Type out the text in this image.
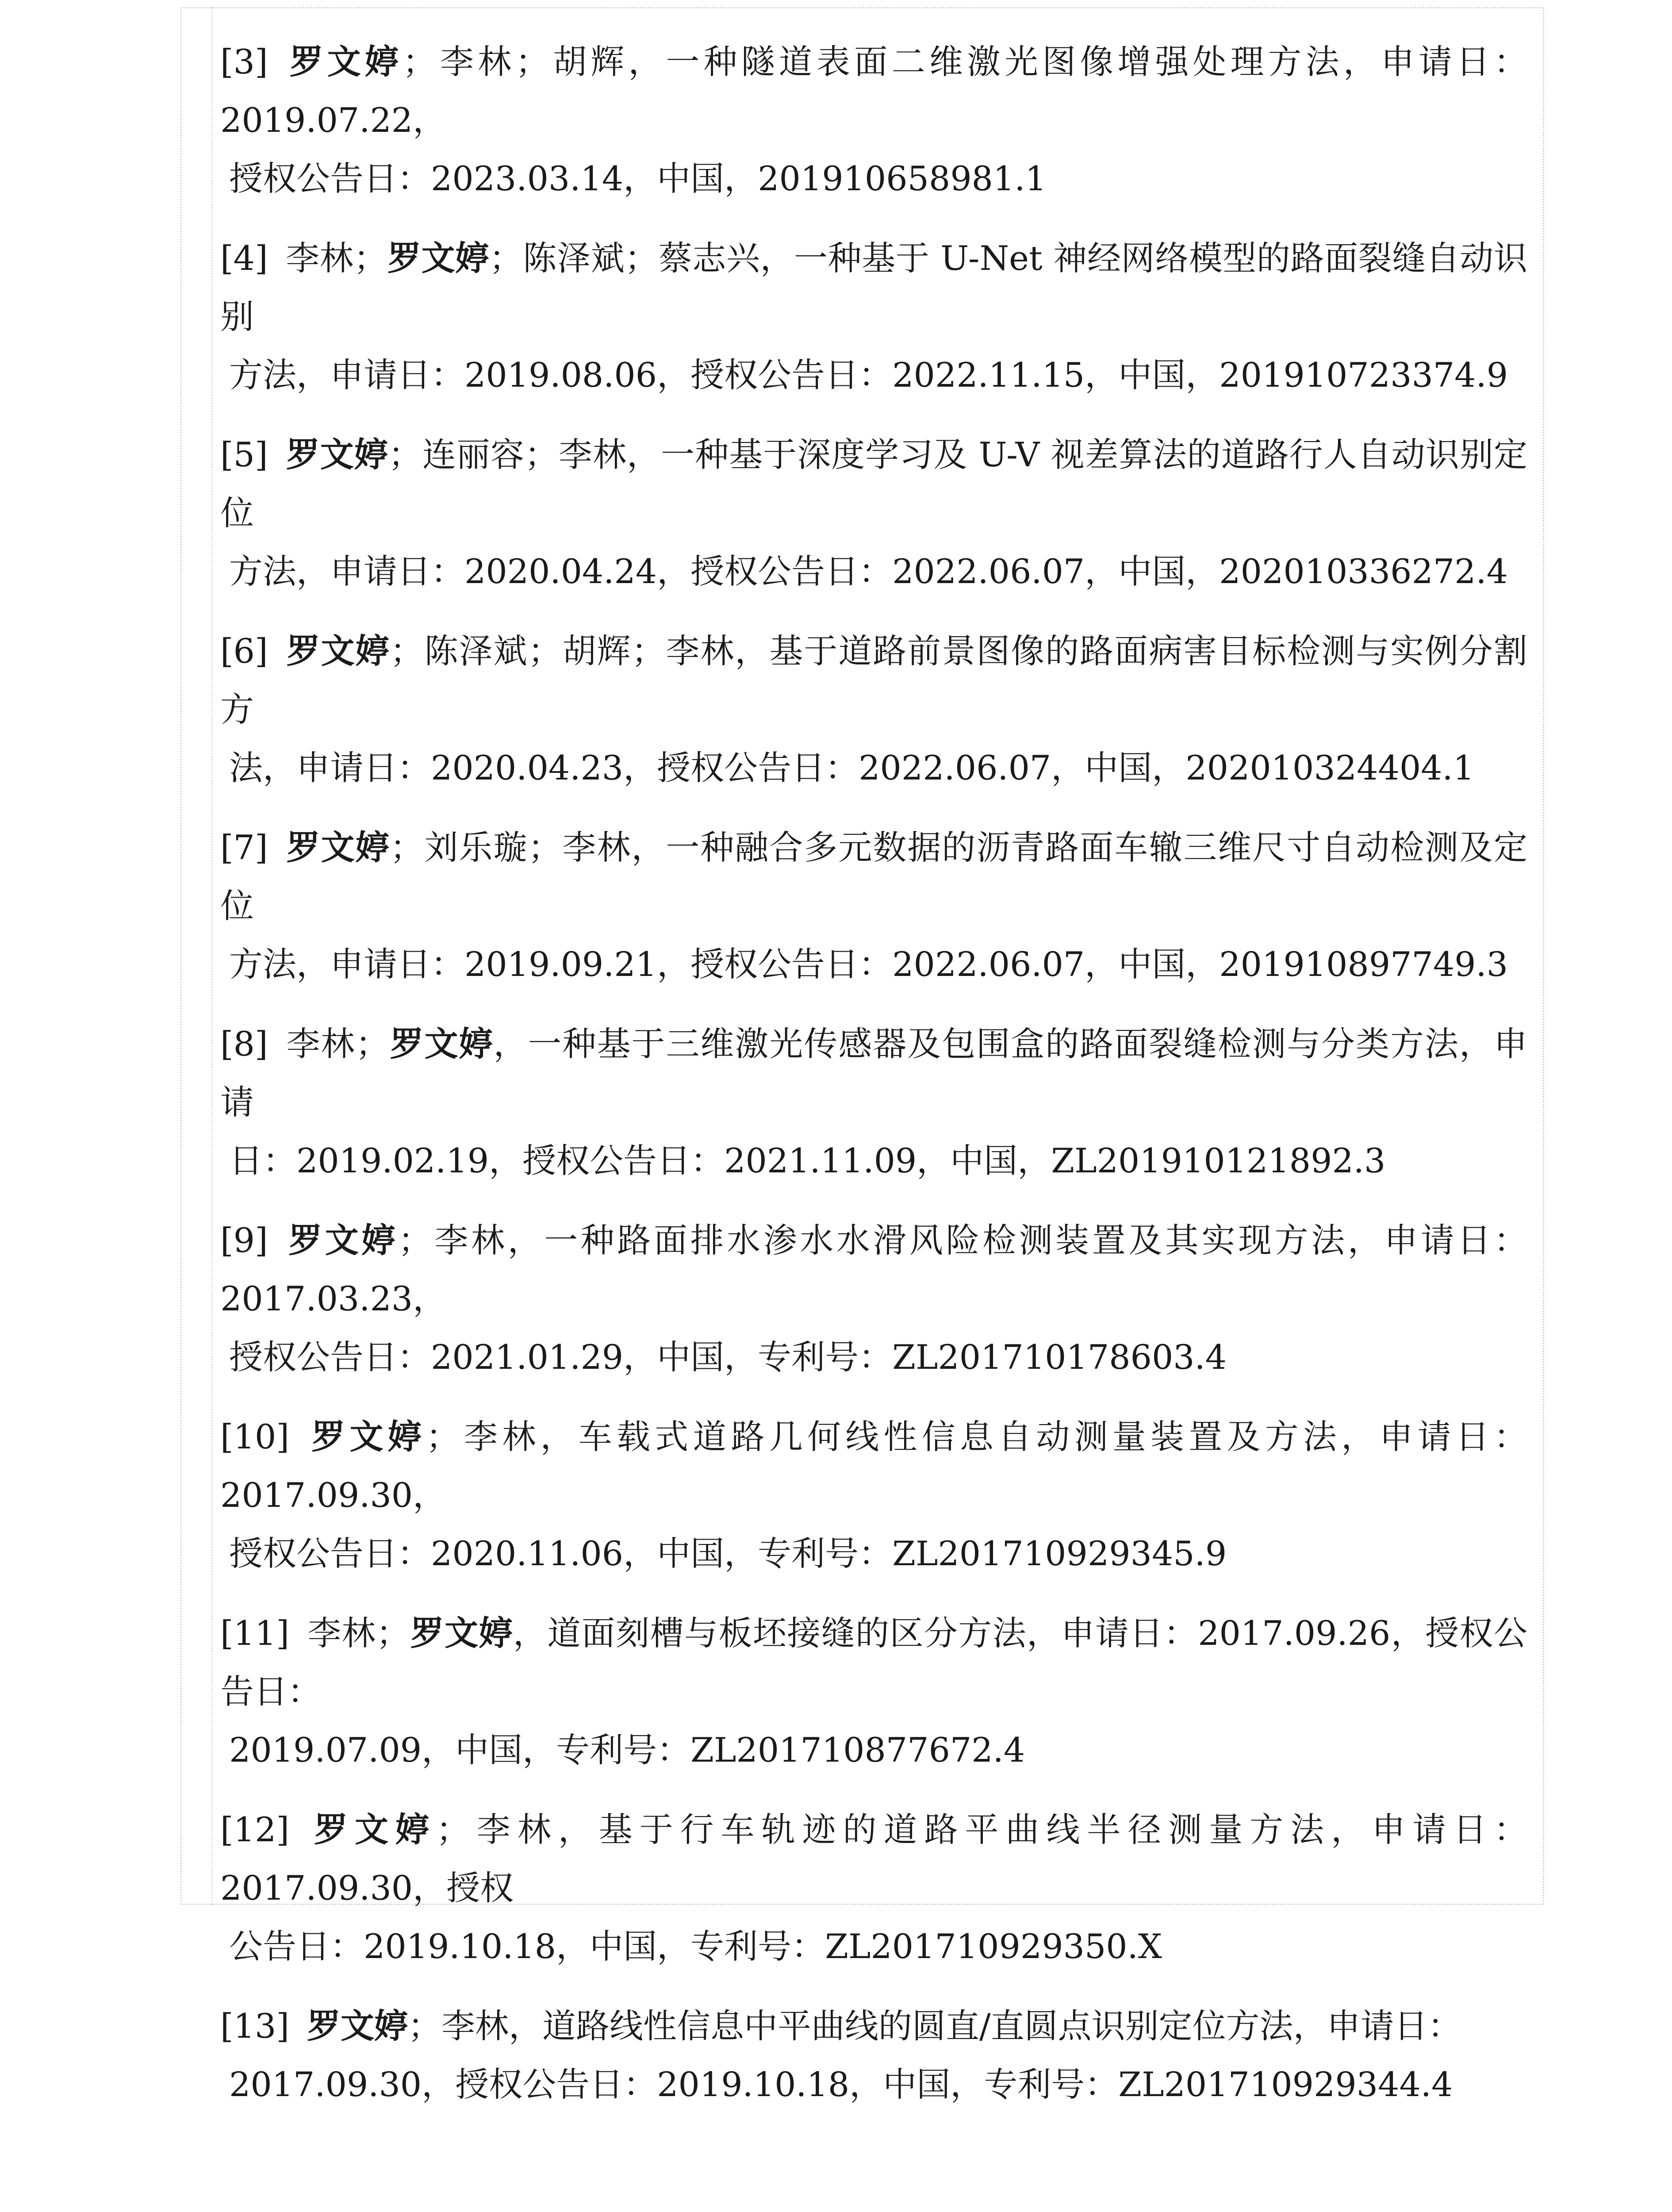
[3] 罗文婷；李林；胡辉，一种隧道表面二维激光图像增强处理方法，申请日：2019.07.22，
授权公告日：2023.03.14，中国，201910658981.1
[4] 李林；罗文婷；陈泽斌；蔡志兴，一种基于 U-Net 神经网络模型的路面裂缝自动识别
方法，申请日：2019.08.06，授权公告日：2022.11.15，中国，201910723374.9
[5] 罗文婷；连丽容；李林，一种基于深度学习及 U-V 视差算法的道路行人自动识别定位
方法，申请日：2020.04.24，授权公告日：2022.06.07，中国，202010336272.4
[6] 罗文婷；陈泽斌；胡辉；李林，基于道路前景图像的路面病害目标检测与实例分割方
法，申请日：2020.04.23，授权公告日：2022.06.07，中国，202010324404.1
[7] 罗文婷；刘乐璇；李林，一种融合多元数据的沥青路面车辙三维尺寸自动检测及定位
方法，申请日：2019.09.21，授权公告日：2022.06.07，中国，201910897749.3
[8] 李林；罗文婷，一种基于三维激光传感器及包围盒的路面裂缝检测与分类方法，申请
日：2019.02.19，授权公告日：2021.11.09，中国，ZL201910121892.3
[9] 罗文婷；李林，一种路面排水渗水水滑风险检测装置及其实现方法，申请日：2017.03.23，
授权公告日：2021.01.29，中国，专利号：ZL201710178603.4
[10] 罗文婷；李林，车载式道路几何线性信息自动测量装置及方法，申请日：2017.09.30，
授权公告日：2020.11.06，中国，专利号：ZL201710929345.9
[11] 李林；罗文婷，道面刻槽与板坯接缝的区分方法，申请日：2017.09.26，授权公告日：
2019.07.09，中国，专利号：ZL201710877672.4
[12] 罗文婷；李林，基于行车轨迹的道路平曲线半径测量方法，申请日：2017.09.30，授权
公告日：2019.10.18，中国，专利号：ZL201710929350.X
[13] 罗文婷；李林，道路线性信息中平曲线的圆直/直圆点识别定位方法，申请日：
2017.09.30，授权公告日：2019.10.18，中国，专利号：ZL201710929344.4
